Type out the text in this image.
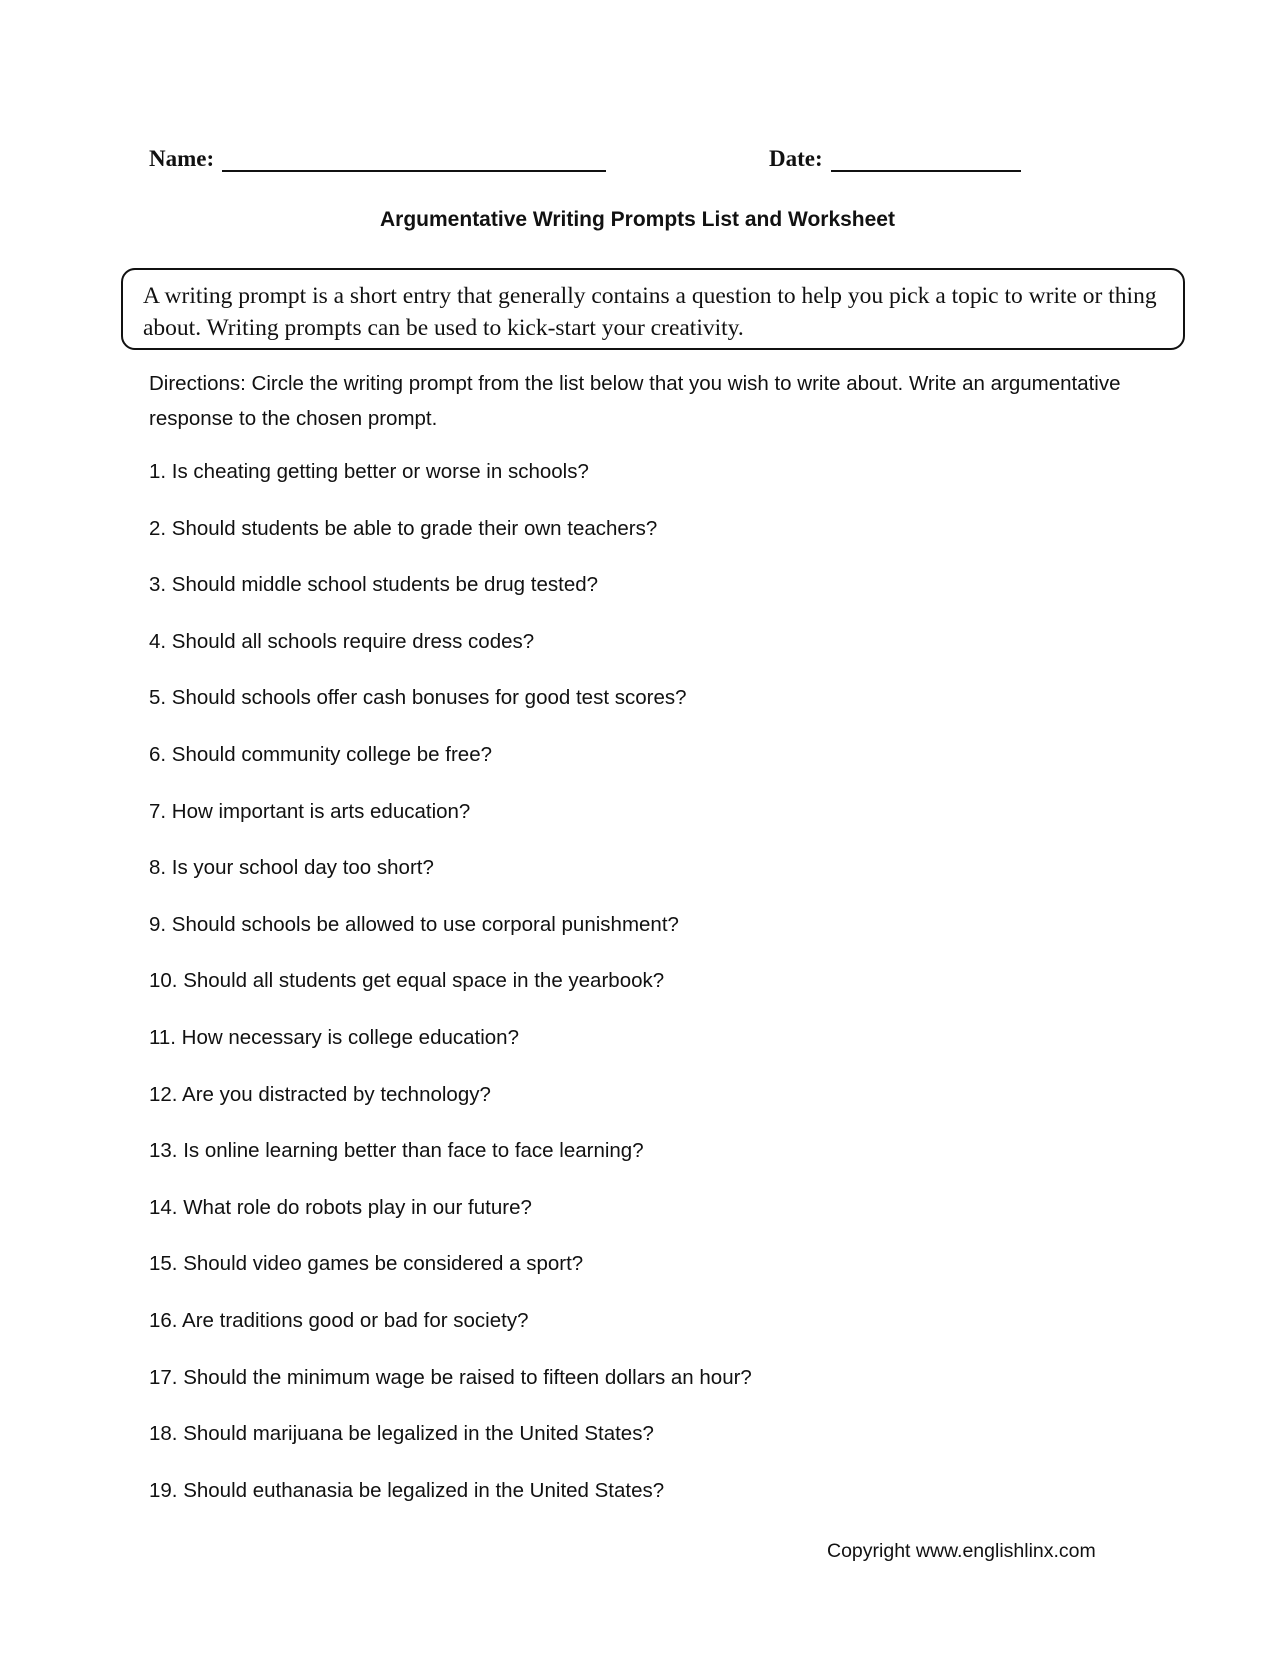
Name:	Date:
Argumentative Writing Prompts List and Worksheet
A writing prompt is a short entry that generally contains a question to help you pick a topic to write or thing about. Writing prompts can be used to kick-start your creativity.

Directions: Circle the writing prompt from the list below that you wish to write about. Write an argumentative response to the chosen prompt.

1. Is cheating getting better or worse in schools?
2. Should students be able to grade their own teachers?
3. Should middle school students be drug tested?
4. Should all schools require dress codes?
5. Should schools offer cash bonuses for good test scores?
6. Should community college be free?
7. How important is arts education?
8. Is your school day too short?
9. Should schools be allowed to use corporal punishment?
10. Should all students get equal space in the yearbook?
11. How necessary is college education?
12. Are you distracted by technology?
13. Is online learning better than face to face learning?
14. What role do robots play in our future?
15. Should video games be considered a sport?
16. Are traditions good or bad for society?
17. Should the minimum wage be raised to fifteen dollars an hour?
18. Should marijuana be legalized in the United States?
19. Should euthanasia be legalized in the United States?

Copyright www.englishlinx.com
